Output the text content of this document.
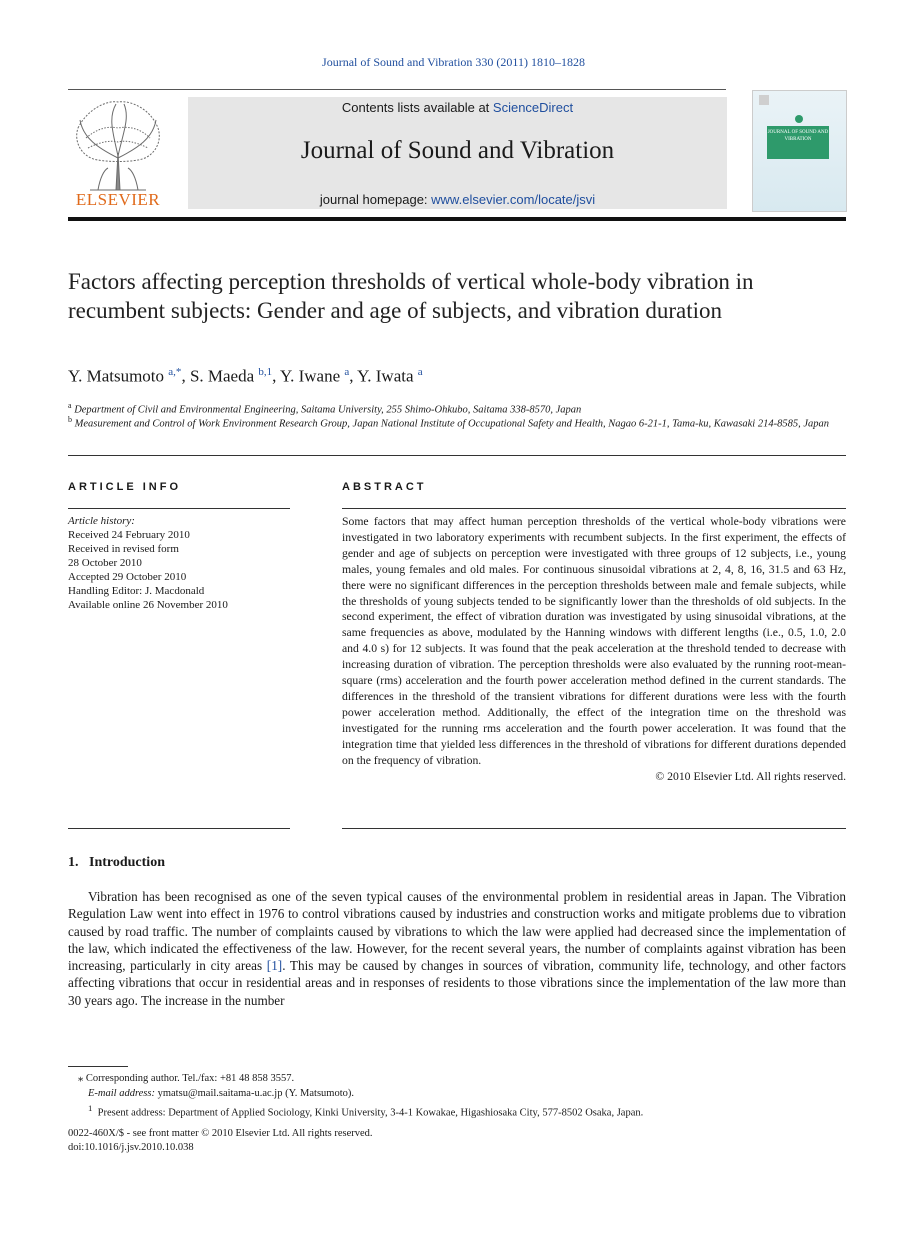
Journal of Sound and Vibration 330 (2011) 1810–1828
ELSEVIER
Contents lists available at ScienceDirect
Journal of Sound and Vibration
journal homepage: www.elsevier.com/locate/jsvi
JOURNAL OF SOUND AND VIBRATION
Factors affecting perception thresholds of vertical whole-body vibration in recumbent subjects: Gender and age of subjects, and vibration duration
Y. Matsumoto $^{a,*}$, S. Maeda $^{b,1}$, Y. Iwane $^a$, Y. Iwata $^a$
$^a$ Department of Civil and Environmental Engineering, Saitama University, 255 Shimo-Ohkubo, Saitama 338-8570, Japan
$^b$ Measurement and Control of Work Environment Research Group, Japan National Institute of Occupational Safety and Health, Nagao 6-21-1, Tama-ku, Kawasaki 214-8585, Japan
ARTICLE INFO
Article history:
Received 24 February 2010
Received in revised form
28 October 2010
Accepted 29 October 2010
Handling Editor: J. Macdonald
Available online 26 November 2010
ABSTRACT
Some factors that may affect human perception thresholds of the vertical whole-body vibrations were investigated in two laboratory experiments with recumbent subjects. In the first experiment, the effects of gender and age of subjects on perception were investigated with three groups of 12 subjects, i.e., young males, young females and old males. For continuous sinusoidal vibrations at 2, 4, 8, 16, 31.5 and 63 Hz, there were no significant differences in the perception thresholds between male and female subjects, while the thresholds of young subjects tended to be significantly lower than the thresholds of old subjects. In the second experiment, the effect of vibration duration was investigated by using sinusoidal vibrations, at the same frequencies as above, modulated by the Hanning windows with different lengths (i.e., 0.5, 1.0, 2.0 and 4.0 s) for 12 subjects. It was found that the peak acceleration at the threshold tended to decrease with increasing duration of vibration. The perception thresholds were also evaluated by the running root-mean-square (rms) acceleration and the fourth power acceleration method defined in the current standards. The differences in the threshold of the transient vibrations for different durations were less with the fourth power acceleration method. Additionally, the effect of the integration time on the threshold was investigated for the running rms acceleration and the fourth power acceleration. It was found that the integration time that yielded less differences in the threshold of vibrations for different durations depended on the frequency of vibration.
© 2010 Elsevier Ltd. All rights reserved.
1.   Introduction
Vibration has been recognised as one of the seven typical causes of the environmental problem in residential areas in Japan. The Vibration Regulation Law went into effect in 1976 to control vibrations caused by industries and construction works and mitigate problems due to vibration caused by road traffic. The number of complaints caused by vibrations to which the law were applied had decreased since the implementation of the law, which indicated the effectiveness of the law. However, for the recent several years, the number of complaints against vibration has been increasing, particularly in city areas [1]. This may be caused by changes in sources of vibration, community life, technology, and other factors affecting vibrations that occur in residential areas and in responses of residents to those vibrations since the implementation of the law more than 30 years ago. The increase in the number
⁎ Corresponding author. Tel./fax: +81 48 858 3557.
E-mail address: ymatsu@mail.saitama-u.ac.jp (Y. Matsumoto).
$^1$ Present address: Department of Applied Sociology, Kinki University, 3-4-1 Kowakae, Higashiosaka City, 577-8502 Osaka, Japan.
0022-460X/$ - see front matter © 2010 Elsevier Ltd. All rights reserved.
doi:10.1016/j.jsv.2010.10.038
